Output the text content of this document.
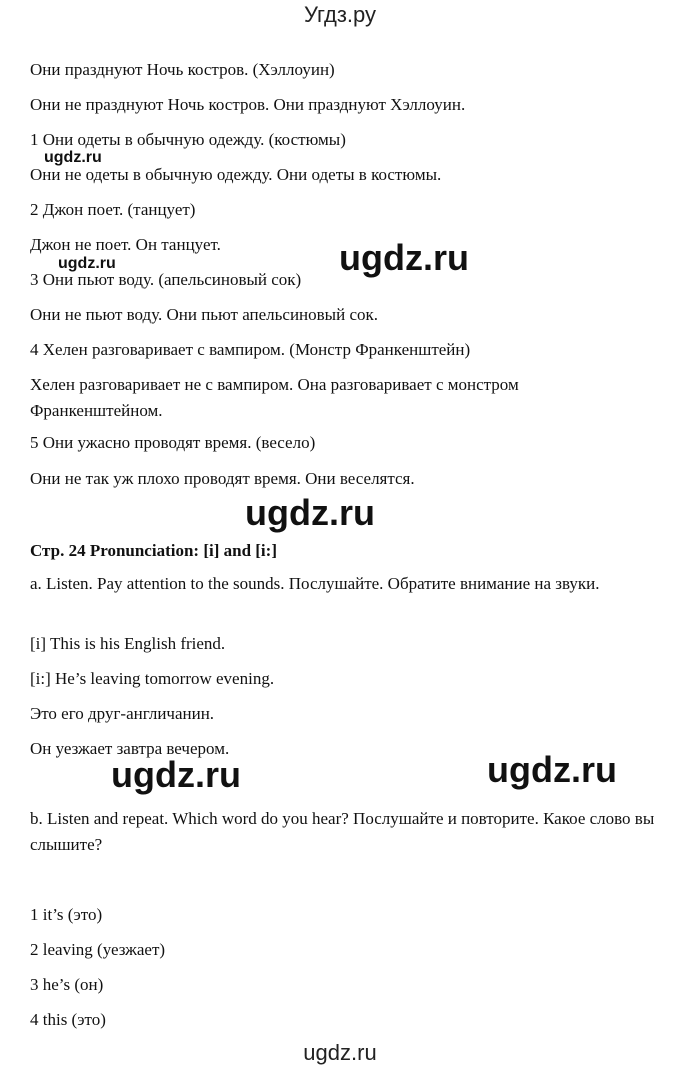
Угдз.ру
Они празднуют Ночь костров. (Хэллоуин)
Они не празднуют Ночь костров. Они празднуют Хэллоуин.
1 Они одеты в обычную одежду. (костюмы)
Они не одеты в обычную одежду. Они одеты в костюмы.
2 Джон поет. (танцует)
Джон не поет. Он танцует.
3 Они пьют воду. (апельсиновый сок)
Они не пьют воду. Они пьют апельсиновый сок.
4 Хелен разговаривает с вампиром. (Монстр Франкенштейн)
Хелен разговаривает не с вампиром. Она разговаривает с монстром Франкенштейном.
5 Они ужасно проводят время. (весело)
Они не так уж плохо проводят время. Они веселятся.
Стр. 24 Pronunciation: [i] and [i:]
a. Listen. Pay attention to the sounds. Послушайте. Обратите внимание на звуки.
[i] This is his English friend.
[i:] He’s leaving tomorrow evening.
Это его друг-англичанин.
Он уезжает завтра вечером.
b. Listen and repeat. Which word do you hear? Послушайте и повторите. Какое слово вы слышите?
1 it’s (это)
2 leaving (уезжает)
3 he’s (он)
4 this (это)
ugdz.ru
ugdz.ru	ugdz.ru
ugdz.ru
ugdz.ru	ugdz.ru
ugdz.ru
